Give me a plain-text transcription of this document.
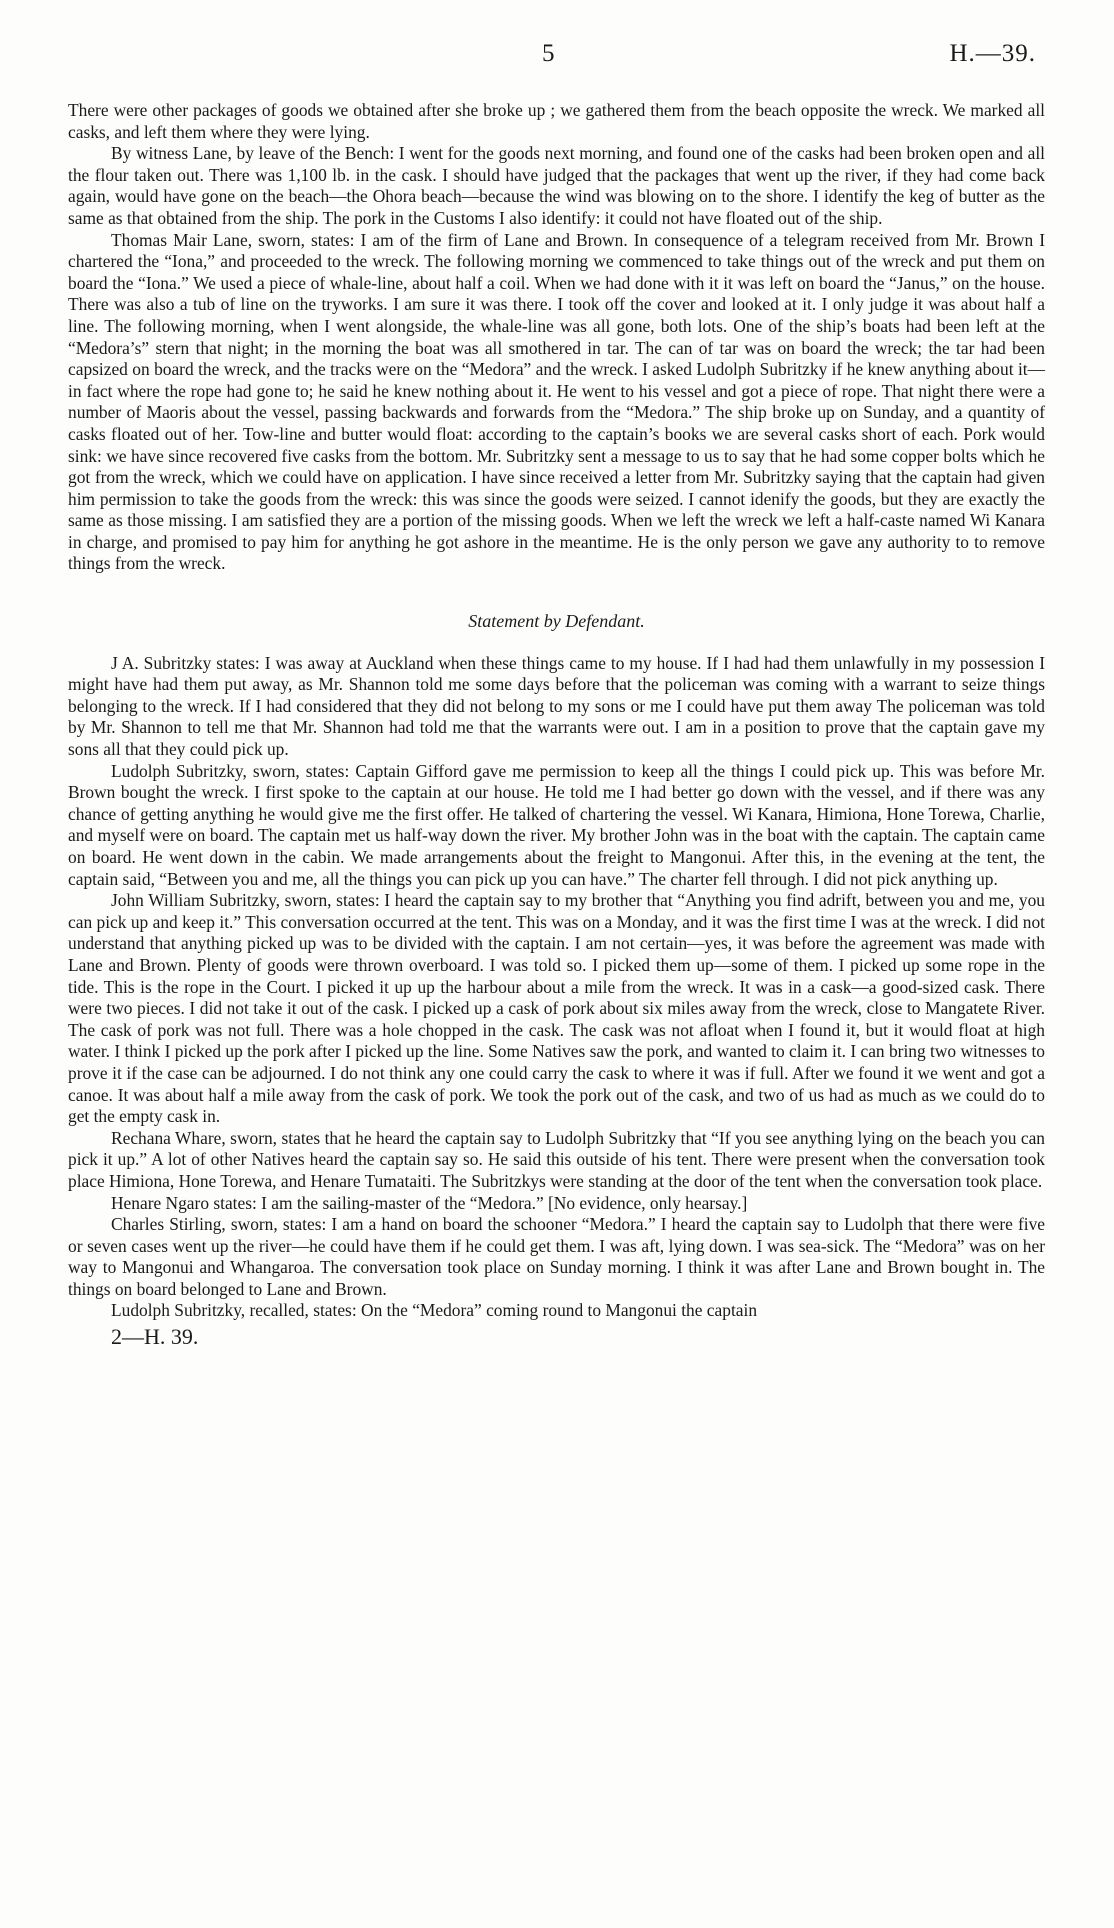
5	H.—39.

There were other packages of goods we obtained after she broke up ; we gathered them from the beach opposite the wreck. We marked all casks, and left them where they were lying.

By witness Lane, by leave of the Bench: I went for the goods next morning, and found one of the casks had been broken open and all the flour taken out. There was 1,100 lb. in the cask. I should have judged that the packages that went up the river, if they had come back again, would have gone on the beach—the Ohora beach—because the wind was blowing on to the shore. I identify the keg of butter as the same as that obtained from the ship. The pork in the Customs I also identify: it could not have floated out of the ship.

Thomas Mair Lane, sworn, states: I am of the firm of Lane and Brown. In consequence of a telegram received from Mr. Brown I chartered the “Iona,” and proceeded to the wreck. The following morning we commenced to take things out of the wreck and put them on board the “Iona.” We used a piece of whale-line, about half a coil. When we had done with it it was left on board the “Janus,” on the house. There was also a tub of line on the tryworks. I am sure it was there. I took off the cover and looked at it. I only judge it was about half a line. The following morning, when I went alongside, the whale-line was all gone, both lots. One of the ship’s boats had been left at the “Medora’s” stern that night; in the morning the boat was all smothered in tar. The can of tar was on board the wreck; the tar had been capsized on board the wreck, and the tracks were on the “Medora” and the wreck. I asked Ludolph Subritzky if he knew anything about it—in fact where the rope had gone to; he said he knew nothing about it. He went to his vessel and got a piece of rope. That night there were a number of Maoris about the vessel, passing backwards and forwards from the “Medora.” The ship broke up on Sunday, and a quantity of casks floated out of her. Tow-line and butter would float: according to the captain’s books we are several casks short of each. Pork would sink: we have since recovered five casks from the bottom. Mr. Subritzky sent a message to us to say that he had some copper bolts which he got from the wreck, which we could have on application. I have since received a letter from Mr. Subritzky saying that the captain had given him permission to take the goods from the wreck: this was since the goods were seized. I cannot idenify the goods, but they are exactly the same as those missing. I am satisfied they are a portion of the missing goods. When we left the wreck we left a half-caste named Wi Kanara in charge, and promised to pay him for anything he got ashore in the meantime. He is the only person we gave any authority to to remove things from the wreck.

Statement by Defendant.

J A. Subritzky states: I was away at Auckland when these things came to my house. If I had had them unlawfully in my possession I might have had them put away, as Mr. Shannon told me some days before that the policeman was coming with a warrant to seize things belonging to the wreck. If I had considered that they did not belong to my sons or me I could have put them away The policeman was told by Mr. Shannon to tell me that Mr. Shannon had told me that the warrants were out. I am in a position to prove that the captain gave my sons all that they could pick up.

Ludolph Subritzky, sworn, states: Captain Gifford gave me permission to keep all the things I could pick up. This was before Mr. Brown bought the wreck. I first spoke to the captain at our house. He told me I had better go down with the vessel, and if there was any chance of getting anything he would give me the first offer. He talked of chartering the vessel. Wi Kanara, Himiona, Hone Torewa, Charlie, and myself were on board. The captain met us half-way down the river. My brother John was in the boat with the captain. The captain came on board. He went down in the cabin. We made arrangements about the freight to Mangonui. After this, in the evening at the tent, the captain said, “Between you and me, all the things you can pick up you can have.” The charter fell through. I did not pick anything up.

John William Subritzky, sworn, states: I heard the captain say to my brother that “Anything you find adrift, between you and me, you can pick up and keep it.” This conversation occurred at the tent. This was on a Monday, and it was the first time I was at the wreck. I did not understand that anything picked up was to be divided with the captain. I am not certain—yes, it was before the agreement was made with Lane and Brown. Plenty of goods were thrown overboard. I was told so. I picked them up—some of them. I picked up some rope in the tide. This is the rope in the Court. I picked it up up the harbour about a mile from the wreck. It was in a cask—a good-sized cask. There were two pieces. I did not take it out of the cask. I picked up a cask of pork about six miles away from the wreck, close to Mangatete River. The cask of pork was not full. There was a hole chopped in the cask. The cask was not afloat when I found it, but it would float at high water. I think I picked up the pork after I picked up the line. Some Natives saw the pork, and wanted to claim it. I can bring two witnesses to prove it if the case can be adjourned. I do not think any one could carry the cask to where it was if full. After we found it we went and got a canoe. It was about half a mile away from the cask of pork. We took the pork out of the cask, and two of us had as much as we could do to get the empty cask in.

Rechana Whare, sworn, states that he heard the captain say to Ludolph Subritzky that “If you see anything lying on the beach you can pick it up.” A lot of other Natives heard the captain say so. He said this outside of his tent. There were present when the conversation took place Himiona, Hone Torewa, and Henare Tumataiti. The Subritzkys were standing at the door of the tent when the conversation took place.

Henare Ngaro states: I am the sailing-master of the “Medora.” [No evidence, only hearsay.]

Charles Stirling, sworn, states: I am a hand on board the schooner “Medora.” I heard the captain say to Ludolph that there were five or seven cases went up the river—he could have them if he could get them. I was aft, lying down. I was sea-sick. The “Medora” was on her way to Mangonui and Whangaroa. The conversation took place on Sunday morning. I think it was after Lane and Brown bought in. The things on board belonged to Lane and Brown.

Ludolph Subritzky, recalled, states: On the “Medora” coming round to Mangonui the captain

2—H. 39.
